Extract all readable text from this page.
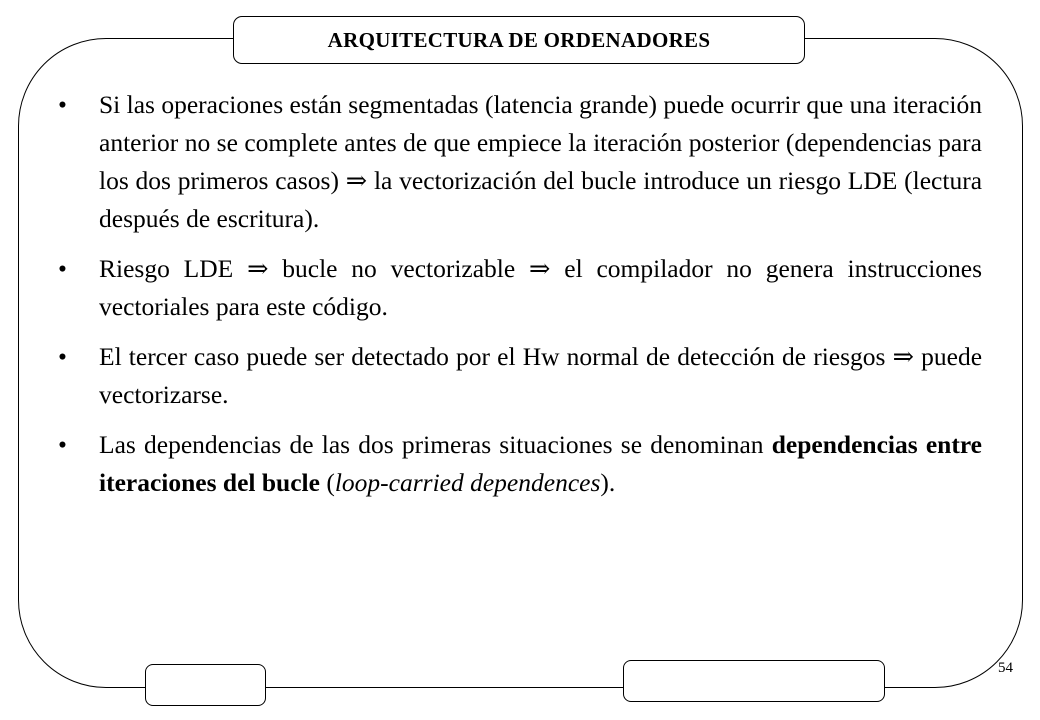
ARQUITECTURA DE ORDENADORES
• Si las operaciones están segmentadas (latencia grande) puede ocurrir que una iteración anterior no se complete antes de que empiece la iteración posterior (dependencias para los dos primeros casos) ⇒ la vectorización del bucle introduce un riesgo LDE (lectura después de escritura).
• Riesgo LDE ⇒ bucle no vectorizable ⇒ el compilador no genera instrucciones vectoriales para este código.
• El tercer caso puede ser detectado por el Hw normal de detección de riesgos ⇒ puede vectorizarse.
• Las dependencias de las dos primeras situaciones se denominan dependencias entre iteraciones del bucle (loop-carried dependences).
54
